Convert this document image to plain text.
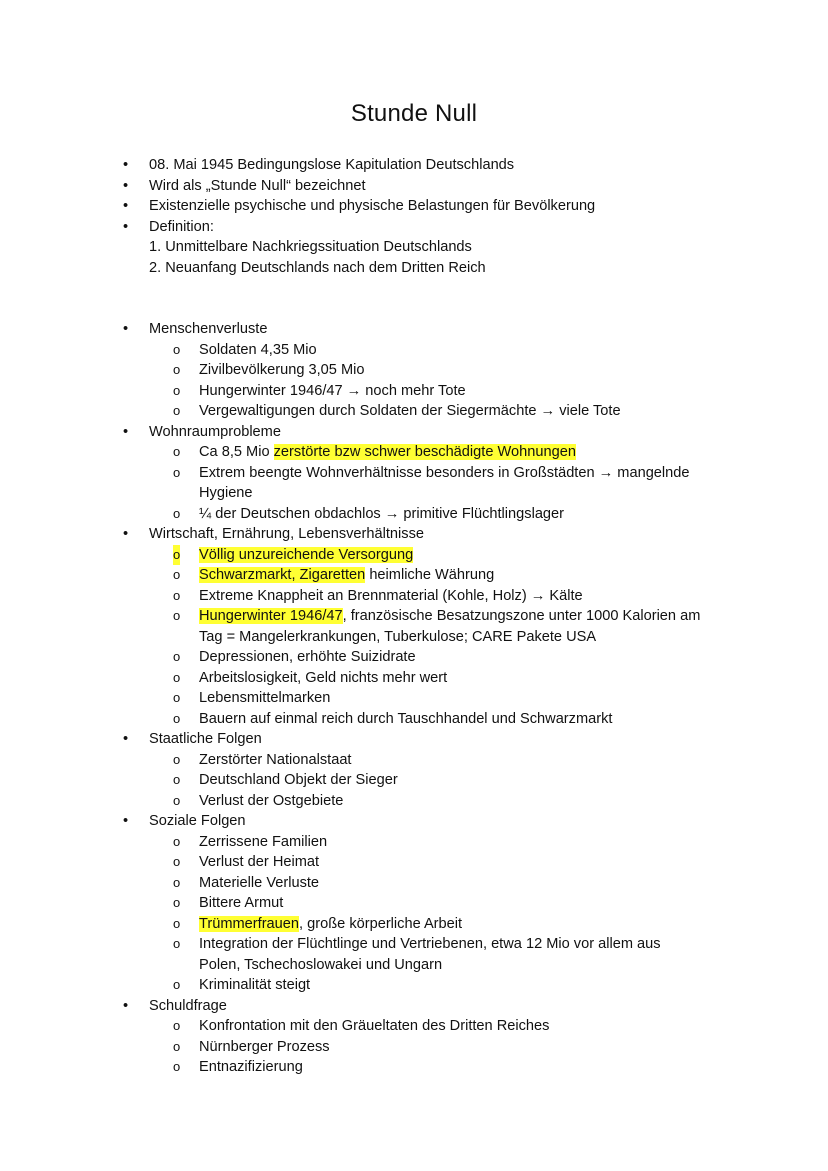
Stunde Null
• 08. Mai 1945 Bedingungslose Kapitulation Deutschlands
• Wird als „Stunde Null“ bezeichnet
• Existenzielle psychische und physische Belastungen für Bevölkerung
• Definition:
1. Unmittelbare Nachkriegssituation Deutschlands
2. Neuanfang Deutschlands nach dem Dritten Reich
• Menschenverluste
o Soldaten 4,35 Mio
o Zivilbevölkerung 3,05 Mio
o Hungerwinter 1946/47 → noch mehr Tote
o Vergewaltigungen durch Soldaten der Siegermächte → viele Tote
• Wohnraumprobleme
o Ca 8,5 Mio zerstörte bzw schwer beschädigte Wohnungen
o Extrem beengte Wohnverhältnisse besonders in Großstädten → mangelnde
Hygiene
o ¼ der Deutschen obdachlos → primitive Flüchtlingslager
• Wirtschaft, Ernährung, Lebensverhältnisse
o Völlig unzureichende Versorgung
o Schwarzmarkt, Zigaretten heimliche Währung
o Extreme Knappheit an Brennmaterial (Kohle, Holz) → Kälte
o Hungerwinter 1946/47, französische Besatzungszone unter 1000 Kalorien am
Tag = Mangelerkrankungen, Tuberkulose; CARE Pakete USA
o Depressionen, erhöhte Suizidrate
o Arbeitslosigkeit, Geld nichts mehr wert
o Lebensmittelmarken
o Bauern auf einmal reich durch Tauschhandel und Schwarzmarkt
• Staatliche Folgen
o Zerstörter Nationalstaat
o Deutschland Objekt der Sieger
o Verlust der Ostgebiete
• Soziale Folgen
o Zerrissene Familien
o Verlust der Heimat
o Materielle Verluste
o Bittere Armut
o Trümmerfrauen, große körperliche Arbeit
o Integration der Flüchtlinge und Vertriebenen, etwa 12 Mio vor allem aus
Polen, Tschechoslowakei und Ungarn
o Kriminalität steigt
• Schuldfrage
o Konfrontation mit den Gräueltaten des Dritten Reiches
o Nürnberger Prozess
o Entnazifizierung
